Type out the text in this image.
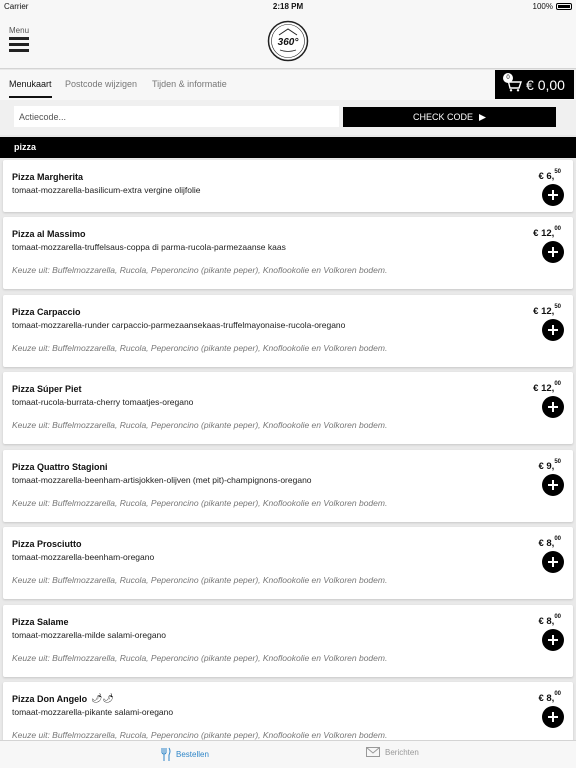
Carrier	2:18 PM	100%
Menu
360°
Menukaart Postcode wijzigen Tijden & informatie
0 € 0,00
Actiecode...
CHECK CODE
pizza
Pizza Margherita
tomaat-mozzarella-basilicum-extra vergine olijfolie
€ 6,50
Pizza al Massimo
tomaat-mozzarella-truffelsaus-coppa di parma-rucola-parmezaanse kaas
Keuze uit: Buffelmozzarella, Rucola, Peperoncino (pikante peper), Knoflookolie en Volkoren bodem.
€ 12,00
Pizza Carpaccio
tomaat-mozzarella-runder carpaccio-parmezaansekaas-truffelmayonaise-rucola-oregano
Keuze uit: Buffelmozzarella, Rucola, Peperoncino (pikante peper), Knoflookolie en Volkoren bodem.
€ 12,50
Pizza Súper Piet
tomaat-rucola-burrata-cherry tomaatjes-oregano
Keuze uit: Buffelmozzarella, Rucola, Peperoncino (pikante peper), Knoflookolie en Volkoren bodem.
€ 12,00
Pizza Quattro Stagioni
tomaat-mozzarella-beenham-artisjokken-olijven (met pit)-champignons-oregano
Keuze uit: Buffelmozzarella, Rucola, Peperoncino (pikante peper), Knoflookolie en Volkoren bodem.
€ 9,50
Pizza Prosciutto
tomaat-mozzarella-beenham-oregano
Keuze uit: Buffelmozzarella, Rucola, Peperoncino (pikante peper), Knoflookolie en Volkoren bodem.
€ 8,00
Pizza Salame
tomaat-mozzarella-milde salami-oregano
Keuze uit: Buffelmozzarella, Rucola, Peperoncino (pikante peper), Knoflookolie en Volkoren bodem.
€ 8,00
Pizza Don Angelo 🌶🌶
tomaat-mozzarella-pikante salami-oregano
Keuze uit: Buffelmozzarella, Rucola, Peperoncino (pikante peper), Knoflookolie en Volkoren bodem.
€ 8,00
Bestellen	Berichten
